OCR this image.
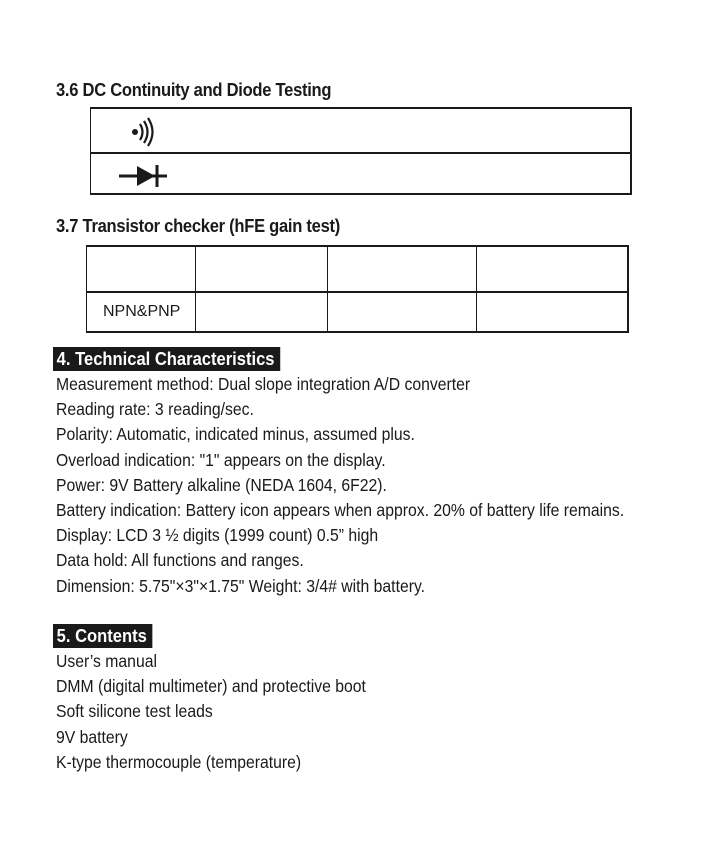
3.6 DC Continuity and Diode Testing
3.7 Transistor checker (hFE gain test)
NPN&PNP
4. Technical Characteristics
Measurement method: Dual slope integration A/D converter
Reading rate: 3 reading/sec.
Polarity: Automatic, indicated minus, assumed plus.
Overload indication: "1" appears on the display.
Power: 9V Battery alkaline (NEDA 1604, 6F22).
Battery indication: Battery icon appears when approx. 20% of battery life remains.
Display: LCD 3 ½ digits (1999 count) 0.5” high
Data hold: All functions and ranges.
Dimension: 5.75"×3"×1.75" Weight: 3/4# with battery.
5. Contents
User’s manual
DMM (digital multimeter) and protective boot
Soft silicone test leads
9V battery
K-type thermocouple (temperature)
